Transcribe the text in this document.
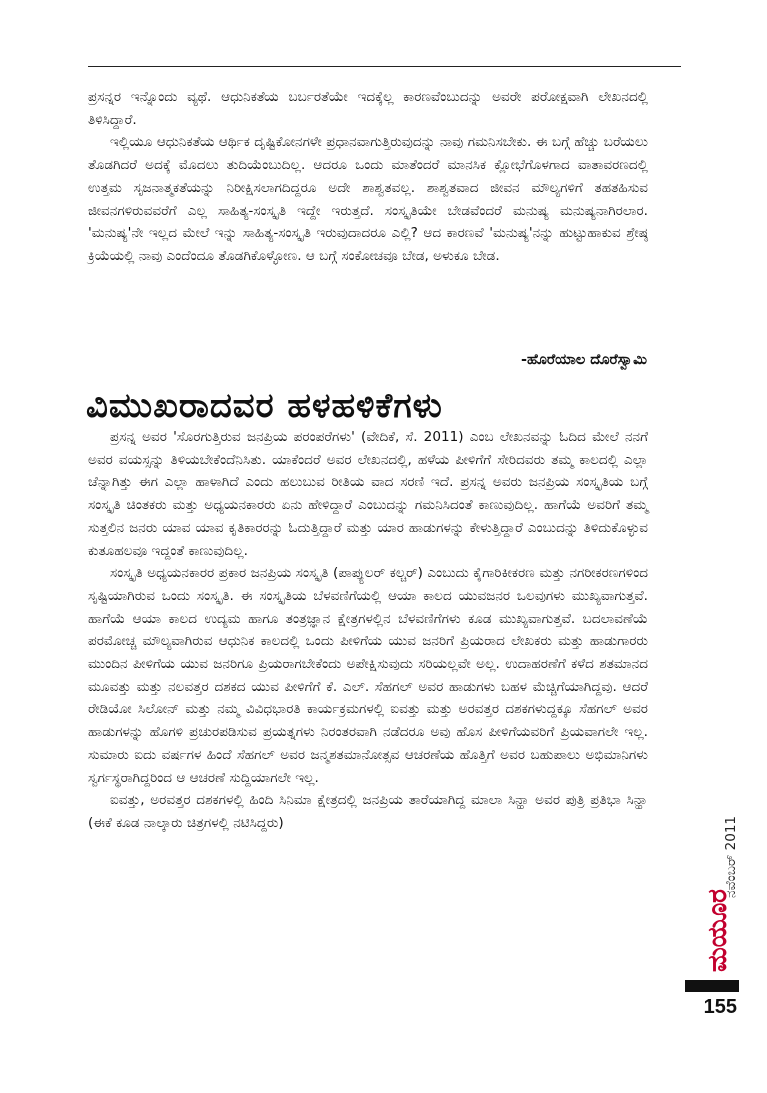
ಪ್ರಸನ್ನರ ಇನ್ನೊಂದು ವ್ಯಥೆ. ಆಧುನಿಕತೆಯ ಬರ್ಬರತೆಯೇ ಇದಕ್ಕೆಲ್ಲ ಕಾರಣವೆಂಬುದನ್ನು ಅವರೇ ಪರೋಕ್ಷವಾಗಿ ಲೇಖನದಲ್ಲಿ ತಿಳಿಸಿದ್ದಾರೆ.

ಇಲ್ಲಿಯೂ ಆಧುನಿಕತೆಯ ಆರ್ಥಿಕ ದೃಷ್ಟಿಕೋನಗಳೇ ಪ್ರಧಾನವಾಗುತ್ತಿರುವುದನ್ನು ನಾವು ಗಮನಿಸಬೇಕು. ಈ ಬಗ್ಗೆ ಹೆಚ್ಚು ಬರೆಯಲು ತೊಡಗಿದರೆ ಅದಕ್ಕೆ ಮೊದಲು ತುದಿಯೆಂಬುದಿಲ್ಲ. ಆದರೂ ಒಂದು ಮಾತೆಂದರೆ ಮಾನಸಿಕ ಕ್ಲೋಭೆಗೊಳಗಾದ ವಾತಾವರಣದಲ್ಲಿ ಉತ್ತಮ ಸೃಜನಾತ್ಮಕತೆಯನ್ನು ನಿರೀಕ್ಷಿಸಲಾಗದಿದ್ದರೂ ಅದೇ ಶಾಶ್ವತವಲ್ಲ. ಶಾಶ್ವತವಾದ ಜೀವನ ಮೌಲ್ಯಗಳಿಗೆ ತಹತಹಿಸುವ ಜೀವನಗಳಿರುವವರೆಗೆ ಎಲ್ಲ ಸಾಹಿತ್ಯ-ಸಂಸ್ಕೃತಿ ಇದ್ದೇ ಇರುತ್ತದೆ. ಸಂಸ್ಕೃತಿಯೇ ಬೇಡವೆಂದರೆ ಮನುಷ್ಯ ಮನುಷ್ಯನಾಗಿರಲಾರ. 'ಮನುಷ್ಯ'ನೇ ಇಲ್ಲದ ಮೇಲೆ ಇನ್ನು ಸಾಹಿತ್ಯ-ಸಂಸ್ಕೃತಿ ಇರುವುದಾದರೂ ಎಲ್ಲಿ? ಆದ ಕಾರಣವೆ 'ಮನುಷ್ಯ'ನನ್ನು ಹುಟ್ಟುಹಾಕುವ ಶ್ರೇಷ್ಠ ಕ್ರಿಯೆಯಲ್ಲಿ ನಾವು ಎಂದೆಂದೂ ತೊಡಗಿಕೊಳ್ಳೋಣ. ಆ ಬಗ್ಗೆ ಸಂಕೋಚವೂ ಬೇಡ, ಅಳುಕೂ ಬೇಡ.

-ಹೊರೆಯಾಲ ದೊರೆಸ್ವಾಮಿ
ವಿಮುಖರಾದವರ ಹಳಹಳಿಕೆಗಳು

ಪ್ರಸನ್ನ ಅವರ 'ಸೊರಗುತ್ತಿರುವ ಜನಪ್ರಿಯ ಪರಂಪರೆಗಳು' (ವೇದಿಕೆ, ಸೆ. 2011) ಎಂಬ ಲೇಖನವನ್ನು ಓದಿದ ಮೇಲೆ ನನಗೆ ಅವರ ವಯಸ್ಸನ್ನು ತಿಳಿಯಬೇಕೆಂದೆನಿಸಿತು. ಯಾಕೆಂದರೆ ಅವರ ಲೇಖನದಲ್ಲಿ, ಹಳೆಯ ಪೀಳಿಗೆಗೆ ಸೇರಿದವರು ತಮ್ಮ ಕಾಲದಲ್ಲಿ ಎಲ್ಲಾ ಚೆನ್ನಾಗಿತ್ತು ಈಗ ಎಲ್ಲಾ ಹಾಳಾಗಿದೆ ಎಂದು ಹಲುಬುವ ರೀತಿಯ ವಾದ ಸರಣಿ ಇದೆ. ಪ್ರಸನ್ನ ಅವರು ಜನಪ್ರಿಯ ಸಂಸ್ಕೃತಿಯ ಬಗ್ಗೆ ಸಂಸ್ಕೃತಿ ಚಿಂತಕರು ಮತ್ತು ಅಧ್ಯಯನಕಾರರು ಏನು ಹೇಳಿದ್ದಾರೆ ಎಂಬುದನ್ನು ಗಮನಿಸಿದಂತೆ ಕಾಣುವುದಿಲ್ಲ. ಹಾಗೆಯೆ ಅವರಿಗೆ ತಮ್ಮ ಸುತ್ತಲಿನ ಜನರು ಯಾವ ಯಾವ ಕೃತಿಕಾರರನ್ನು ಓದುತ್ತಿದ್ದಾರೆ ಮತ್ತು ಯಾರ ಹಾಡುಗಳನ್ನು ಕೇಳುತ್ತಿದ್ದಾರೆ ಎಂಬುದನ್ನು ತಿಳಿದುಕೊಳ್ಳುವ ಕುತೂಹಲವೂ ಇದ್ದಂತೆ ಕಾಣುವುದಿಲ್ಲ.

ಸಂಸ್ಕೃತಿ ಅಧ್ಯಯನಕಾರರ ಪ್ರಕಾರ ಜನಪ್ರಿಯ ಸಂಸ್ಕೃತಿ (ಪಾಪ್ಯುಲರ್ ಕಲ್ಚರ್) ಎಂಬುದು ಕೈಗಾರಿಕೀಕರಣ ಮತ್ತು ನಗರೀಕರಣಗಳಿಂದ ಸೃಷ್ಟಿಯಾಗಿರುವ ಒಂದು ಸಂಸ್ಕೃತಿ. ಈ ಸಂಸ್ಕೃತಿಯ ಬೆಳವಣಿಗೆಯಲ್ಲಿ ಆಯಾ ಕಾಲದ ಯುವಜನರ ಒಲವುಗಳು ಮುಖ್ಯವಾಗುತ್ತವೆ. ಹಾಗೆಯೆ ಆಯಾ ಕಾಲದ ಉದ್ಯಮ ಹಾಗೂ ತಂತ್ರಜ್ಞಾನ ಕ್ಷೇತ್ರಗಳಲ್ಲಿನ ಬೆಳವಣಿಗೆಗಳು ಕೂಡ ಮುಖ್ಯವಾಗುತ್ತವೆ. ಬದಲಾವಣೆಯೆ ಪರಮೋಚ್ಚ ಮೌಲ್ಯವಾಗಿರುವ ಆಧುನಿಕ ಕಾಲದಲ್ಲಿ ಒಂದು ಪೀಳಿಗೆಯ ಯುವ ಜನರಿಗೆ ಪ್ರಿಯರಾದ ಲೇಖಕರು ಮತ್ತು ಹಾಡುಗಾರರು ಮುಂದಿನ ಪೀಳಿಗೆಯ ಯುವ ಜನರಿಗೂ ಪ್ರಿಯರಾಗಬೇಕೆಂದು ಅಪೇಕ್ಷಿಸುವುದು ಸರಿಯಲ್ಲವೇ ಅಲ್ಲ. ಉದಾಹರಣೆಗೆ ಕಳೆದ ಶತಮಾನದ ಮೂವತ್ತು ಮತ್ತು ನಲವತ್ತರ ದಶಕದ ಯುವ ಪೀಳಿಗೆಗೆ ಕೆ. ಎಲ್. ಸೆಹಗಲ್ ಅವರ ಹಾಡುಗಳು ಬಹಳ ಮೆಚ್ಚಿಗೆಯಾಗಿದ್ದವು. ಆದರೆ ರೇಡಿಯೋ ಸಿಲೋನ್ ಮತ್ತು ನಮ್ಮ ವಿವಿಧಭಾರತಿ ಕಾರ್ಯಕ್ರಮಗಳಲ್ಲಿ ಐವತ್ತು ಮತ್ತು ಅರವತ್ತರ ದಶಕಗಳುದ್ದಕ್ಕೂ ಸೆಹಗಲ್ ಅವರ ಹಾಡುಗಳನ್ನು ಹೊಗಳಿ ಪ್ರಚುರಪಡಿಸುವ ಪ್ರಯತ್ನಗಳು ನಿರಂತರವಾಗಿ ನಡೆದರೂ ಅವು ಹೊಸ ಪೀಳಿಗೆಯವರಿಗೆ ಪ್ರಿಯವಾಗಲೇ ಇಲ್ಲ. ಸುಮಾರು ಐದು ವರ್ಷಗಳ ಹಿಂದೆ ಸೆಹಗಲ್ ಅವರ ಜನ್ಮಶತಮಾನೋತ್ಸವ ಆಚರಣೆಯ ಹೊತ್ತಿಗೆ ಅವರ ಬಹುಪಾಲು ಅಭಿಮಾನಿಗಳು ಸ್ವರ್ಗಸ್ಥರಾಗಿದ್ದರಿಂದ ಆ ಆಚರಣೆ ಸುದ್ದಿಯಾಗಲೇ ಇಲ್ಲ.

ಐವತ್ತು, ಅರವತ್ತರ ದಶಕಗಳಲ್ಲಿ ಹಿಂದಿ ಸಿನಿಮಾ ಕ್ಷೇತ್ರದಲ್ಲಿ ಜನಪ್ರಿಯ ತಾರೆಯಾಗಿದ್ದ ಮಾಲಾ ಸಿನ್ಹಾ ಅವರ ಪುತ್ರಿ ಪ್ರತಿಭಾ ಸಿನ್ಹಾ (ಈಕೆ ಕೂಡ ನಾಲ್ಕಾರು ಚಿತ್ರಗಳಲ್ಲಿ ನಟಿಸಿದ್ದರು)

ಮಯೂರ
ನವೆಂಬರ್ 2011
155
